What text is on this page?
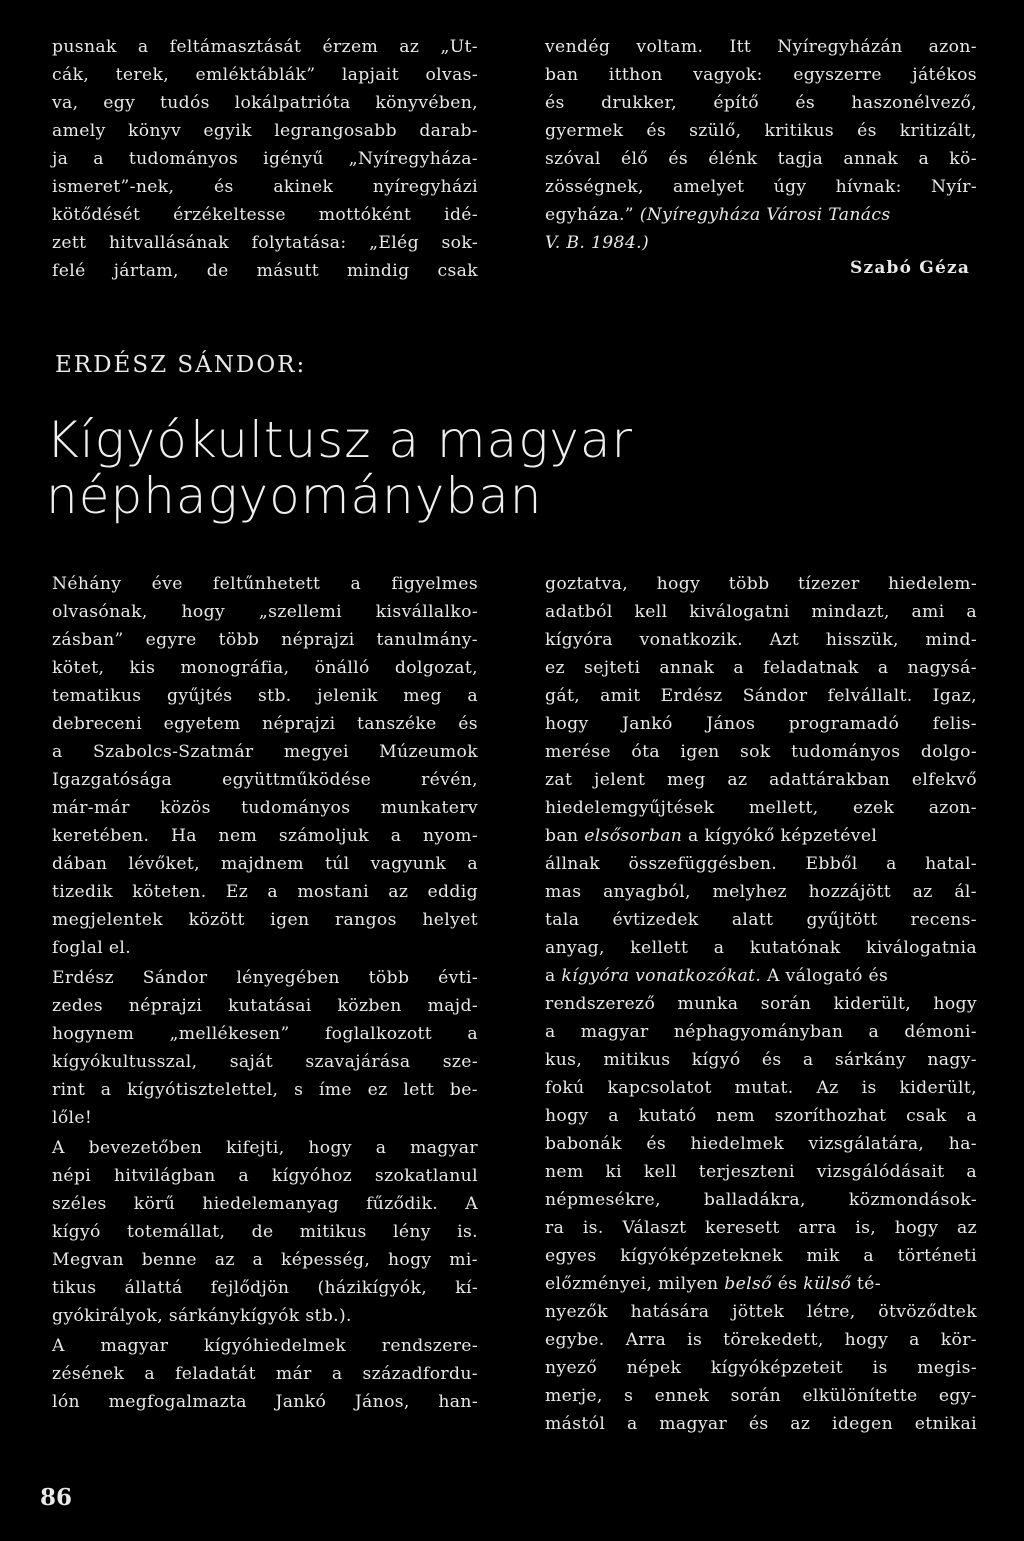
pusnak a feltámasztását érzem az „Ut-
cák, terek, emléktáblák” lapjait olvas-
va, egy tudós lokálpatrióta könyvében,
amely könyv egyik legrangosabb darab-
ja a tudományos igényű „Nyíregyháza-
ismeret”-nek, és akinek nyíregyházi
kötődését érzékeltesse mottóként idé-
zett hitvallásának folytatása: „Elég sok-
felé jártam, de másutt mindig csak
vendég voltam. Itt Nyíregyházán azon-
ban itthon vagyok: egyszerre játékos
és drukker, építő és haszonélvező,
gyermek és szülő, kritikus és kritizált,
szóval élő és élénk tagja annak a kö-
zösségnek, amelyet úgy hívnak: Nyír-
egyháza.” (Nyíregyháza Városi Tanács
V. B. 1984.)
Szabó Géza
ERDÉSZ SÁNDOR:
Kígyókultusz a magyar
néphagyományban
Néhány éve feltűnhetett a figyelmes
olvasónak, hogy „szellemi kisvállalko-
zásban” egyre több néprajzi tanulmány-
kötet, kis monográfia, önálló dolgozat,
tematikus gyűjtés stb. jelenik meg a
debreceni egyetem néprajzi tanszéke és
a Szabolcs-Szatmár megyei Múzeumok
Igazgatósága	együttműködése	révén,
már-már közös tudományos munkaterv
keretében. Ha nem számoljuk a nyom-
dában lévőket, majdnem túl vagyunk a
tizedik köteten. Ez a mostani az eddig
megjelentek között igen rangos helyet
foglal el.
Erdész Sándor lényegében több évti-
zedes néprajzi kutatásai közben majd-
hogynem „mellékesen” foglalkozott a
kígyókultusszal, saját szavajárása sze-
rint a kígyótisztelettel, s íme ez lett be-
lőle!
A bevezetőben kifejti, hogy a magyar
népi hitvilágban a kígyóhoz szokatlanul
széles körű hiedelemanyag fűződik. A
kígyó totemállat, de mitikus lény is.
Megvan benne az a képesség, hogy mi-
tikus állattá fejlődjön (házikígyók, kí-
gyókirályok, sárkánykígyók stb.).
A magyar kígyóhiedelmek rendszere-
zésének a feladatát már a századfordu-
lón megfogalmazta Jankó János, han-
goztatva, hogy több tízezer hiedelem-
adatból kell kiválogatni mindazt, ami a
kígyóra vonatkozik. Azt hisszük, mind-
ez sejteti annak a feladatnak a nagysá-
gát, amit Erdész Sándor felvállalt. Igaz,
hogy Jankó János programadó felis-
merése óta igen sok tudományos dolgo-
zat jelent meg az adattárakban elfekvő
hiedelemgyűjtések mellett, ezek azon-
ban elsősorban a kígyókő képzetével
állnak összefüggésben. Ebből a hatal-
mas anyagból, melyhez hozzájött az ál-
tala évtizedek alatt gyűjtött recens-
anyag, kellett a kutatónak kiválogatnia
a kígyóra vonatkozókat. A válogató és
rendszerező munka során kiderült, hogy
a magyar néphagyományban a démoni-
kus, mitikus kígyó és a sárkány nagy-
fokú kapcsolatot mutat. Az is kiderült,
hogy a kutató nem szoríthozhat csak a
babonák és hiedelmek vizsgálatára, ha-
nem ki kell terjeszteni vizsgálódásait a
népmesékre,	balladákra,	közmondások-
ra is. Választ keresett arra is, hogy az
egyes kígyóképzeteknek mik a történeti
előzményei, milyen belső és külső té-
nyezők hatására jöttek létre, ötvöződtek
egybe. Arra is törekedett, hogy a kör-
nyező népek kígyóképzeteit is megis-
merje, s ennek során elkülönítette egy-
mástól a magyar és az idegen etnikai
86
